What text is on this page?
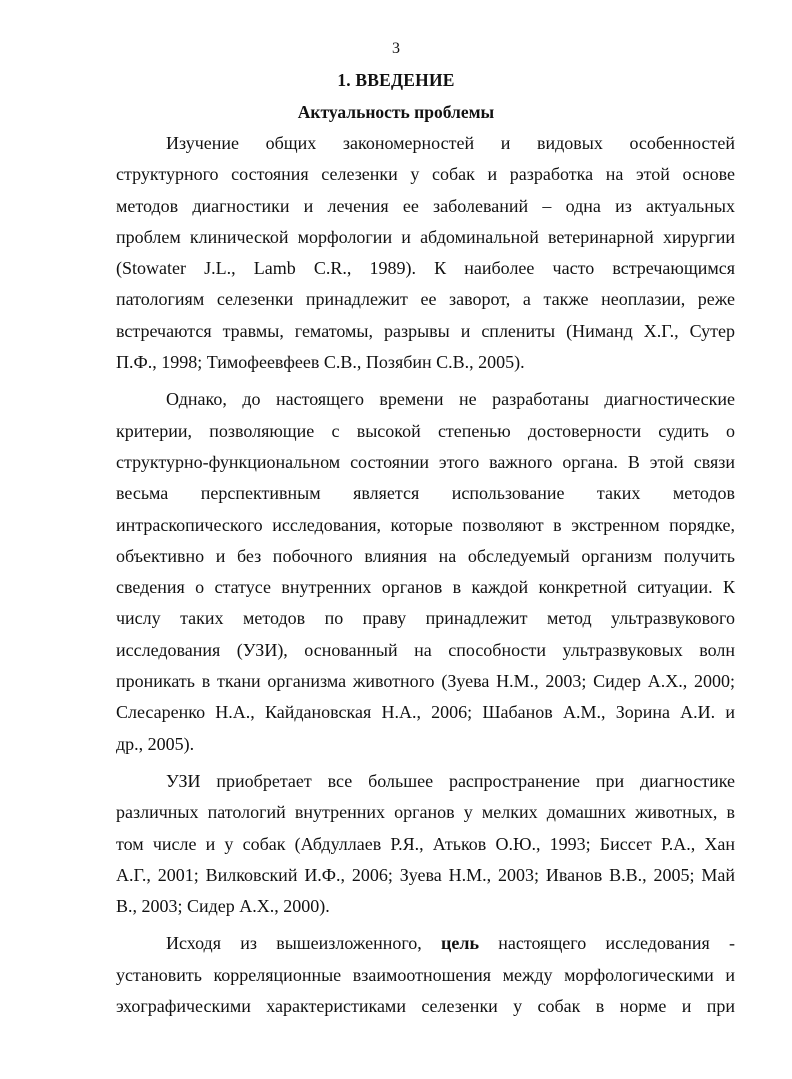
3
1. ВВЕДЕНИЕ
Актуальность проблемы
Изучение общих закономерностей и видовых особенностей
структурного состояния селезенки у собак и разработка на этой основе
методов диагностики и лечения ее заболеваний – одна из актуальных
проблем клинической морфологии и абдоминальной ветеринарной хирургии
(Stowater J.L., Lamb C.R., 1989). К наиболее часто встречающимся
патологиям селезенки принадлежит ее заворот, а также неоплазии, реже
встречаются травмы, гематомы, разрывы и сплениты (Ниманд Х.Г., Сутер
П.Ф., 1998; Тимофеевфеев С.В., Позябин С.В., 2005).
Однако, до настоящего времени не разработаны диагностические
критерии, позволяющие с высокой степенью достоверности судить о
структурно-функциональном состоянии этого важного органа. В этой связи
весьма перспективным является использование таких методов
интраскопического исследования, которые позволяют в экстренном порядке,
объективно и без побочного влияния на обследуемый организм получить
сведения о статусе внутренних органов в каждой конкретной ситуации. К
числу таких методов по праву принадлежит метод ультразвукового
исследования (УЗИ), основанный на способности ультразвуковых волн
проникать в ткани организма животного (Зуева Н.М., 2003; Сидер А.Х., 2000;
Слесаренко Н.А., Кайдановская Н.А., 2006; Шабанов А.М., Зорина А.И. и
др., 2005).
УЗИ приобретает все большее распространение при диагностике
различных патологий внутренних органов у мелких домашних животных, в
том числе и у собак (Абдуллаев Р.Я., Атьков О.Ю., 1993; Биссет Р.А., Хан
А.Г., 2001; Вилковский И.Ф., 2006; Зуева Н.М., 2003; Иванов В.В., 2005; Май
В., 2003; Сидер А.Х., 2000).
Исходя из вышеизложенного, цель настоящего исследования -
установить корреляционные взаимоотношения между морфологическими и
эхографическими характеристиками селезенки у собак в норме и при
